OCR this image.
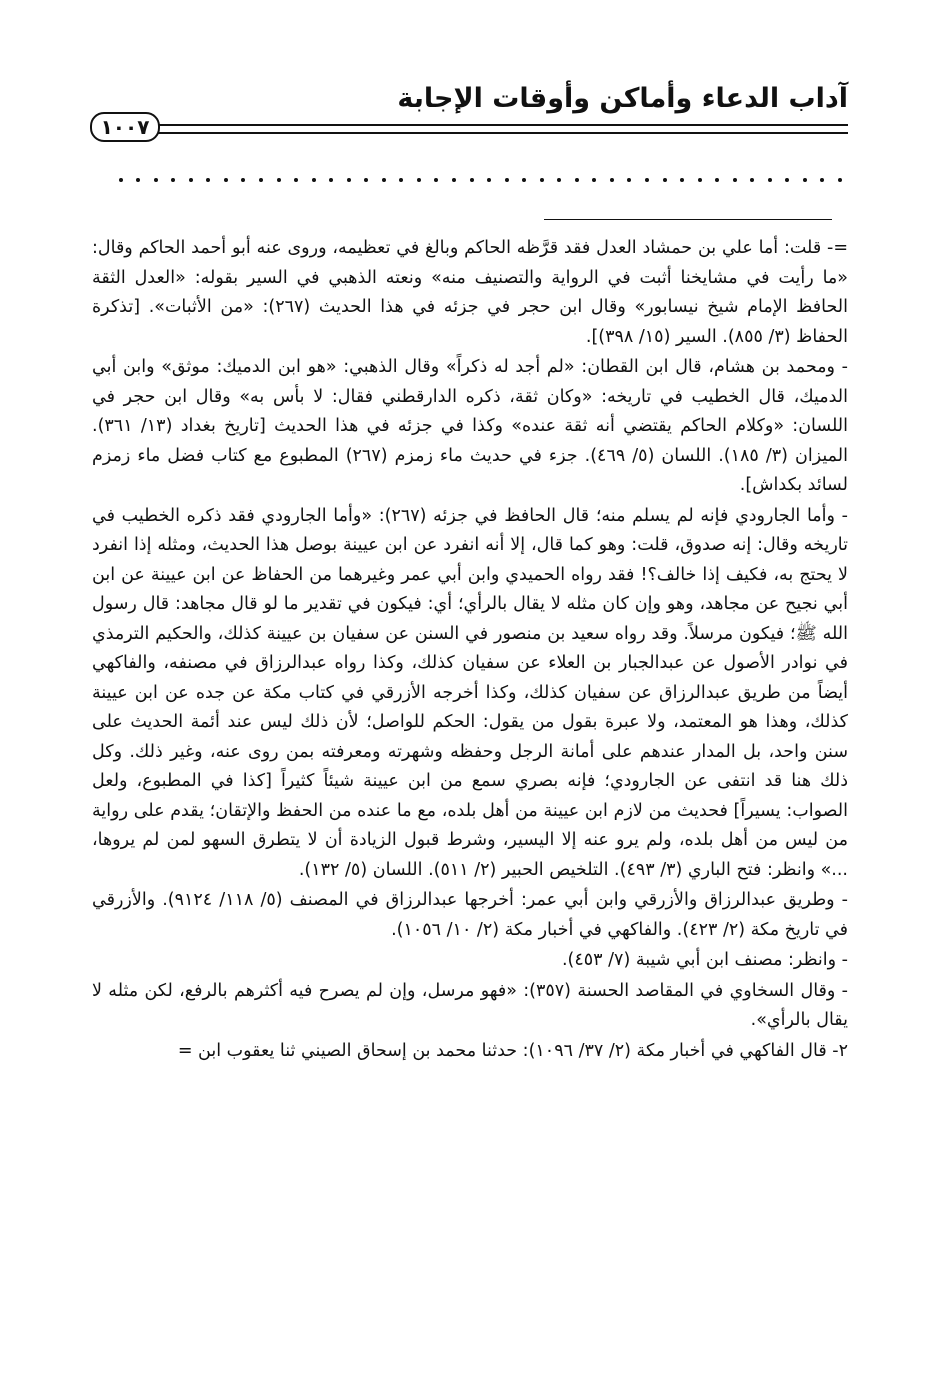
آداب الدعاء وأماكن وأوقات الإجابة
١٠٠٧

=- قلت: أما علي بن حمشاد العدل فقد قرَّظه الحاكم وبالغ في تعظيمه، وروى عنه أبو أحمد الحاكم وقال: «ما رأيت في مشايخنا أثبت في الرواية والتصنيف منه» ونعته الذهبي في السير بقوله: «العدل الثقة الحافظ الإمام شيخ نيسابور» وقال ابن حجر في جزئه في هذا الحديث (٢٦٧): «من الأثبات». [تذكرة الحفاظ (٣/ ٨٥٥). السير (١٥/ ٣٩٨)].

- ومحمد بن هشام، قال ابن القطان: «لم أجد له ذكراً» وقال الذهبي: «هو ابن الدميك: موثق» وابن أبي الدميك، قال الخطيب في تاريخه: «وكان ثقة، ذكره الدارقطني فقال: لا بأس به» وقال ابن حجر في اللسان: «وكلام الحاكم يقتضي أنه ثقة عنده» وكذا في جزئه في هذا الحديث [تاريخ بغداد (١٣/ ٣٦١). الميزان (٣/ ١٨٥). اللسان (٥/ ٤٦٩). جزء في حديث ماء زمزم (٢٦٧) المطبوع مع كتاب فضل ماء زمزم لسائد بكداش].

- وأما الجارودي فإنه لم يسلم منه؛ قال الحافظ في جزئه (٢٦٧): «وأما الجارودي فقد ذكره الخطيب في تاريخه وقال: إنه صدوق، قلت: وهو كما قال، إلا أنه انفرد عن ابن عيينة بوصل هذا الحديث، ومثله إذا انفرد لا يحتج به، فكيف إذا خالف؟! فقد رواه الحميدي وابن أبي عمر وغيرهما من الحفاظ عن ابن عيينة عن ابن أبي نجيح عن مجاهد، وهو وإن كان مثله لا يقال بالرأي؛ أي: فيكون في تقدير ما لو قال مجاهد: قال رسول الله ﷺ؛ فيكون مرسلاً. وقد رواه سعيد بن منصور في السنن عن سفيان بن عيينة كذلك، والحكيم الترمذي في نوادر الأصول عن عبدالجبار بن العلاء عن سفيان كذلك، وكذا رواه عبدالرزاق في مصنفه، والفاكهي أيضاً من طريق عبدالرزاق عن سفيان كذلك، وكذا أخرجه الأزرقي في كتاب مكة عن جده عن ابن عيينة كذلك، وهذا هو المعتمد، ولا عبرة بقول من يقول: الحكم للواصل؛ لأن ذلك ليس عند أئمة الحديث على سنن واحد، بل المدار عندهم على أمانة الرجل وحفظه وشهرته ومعرفته بمن روى عنه، وغير ذلك. وكل ذلك هنا قد انتفى عن الجارودي؛ فإنه بصري سمع من ابن عيينة شيئاً كثيراً [كذا في المطبوع، ولعل الصواب: يسيراً] فحديث من لازم ابن عيينة من أهل بلده، مع ما عنده من الحفظ والإتقان؛ يقدم على رواية من ليس من أهل بلده، ولم يرو عنه إلا اليسير، وشرط قبول الزيادة أن لا يتطرق السهو لمن لم يروها، ...» وانظر: فتح الباري (٣/ ٤٩٣). التلخيص الحبير (٢/ ٥١١). اللسان (٥/ ١٣٢).

- وطريق عبدالرزاق والأزرقي وابن أبي عمر: أخرجها عبدالرزاق في المصنف (٥/ ١١٨/ ٩١٢٤). والأزرقي في تاريخ مكة (٢/ ٤٢٣). والفاكهي في أخبار مكة (٢/ ١٠/ ١٠٥٦).

- وانظر: مصنف ابن أبي شيبة (٧/ ٤٥٣).

- وقال السخاوي في المقاصد الحسنة (٣٥٧): «فهو مرسل، وإن لم يصرح فيه أكثرهم بالرفع، لكن مثله لا يقال بالرأي».

٢- قال الفاكهي في أخبار مكة (٢/ ٣٧/ ١٠٩٦): حدثنا محمد بن إسحاق الصيني ثنا يعقوب ابن =
